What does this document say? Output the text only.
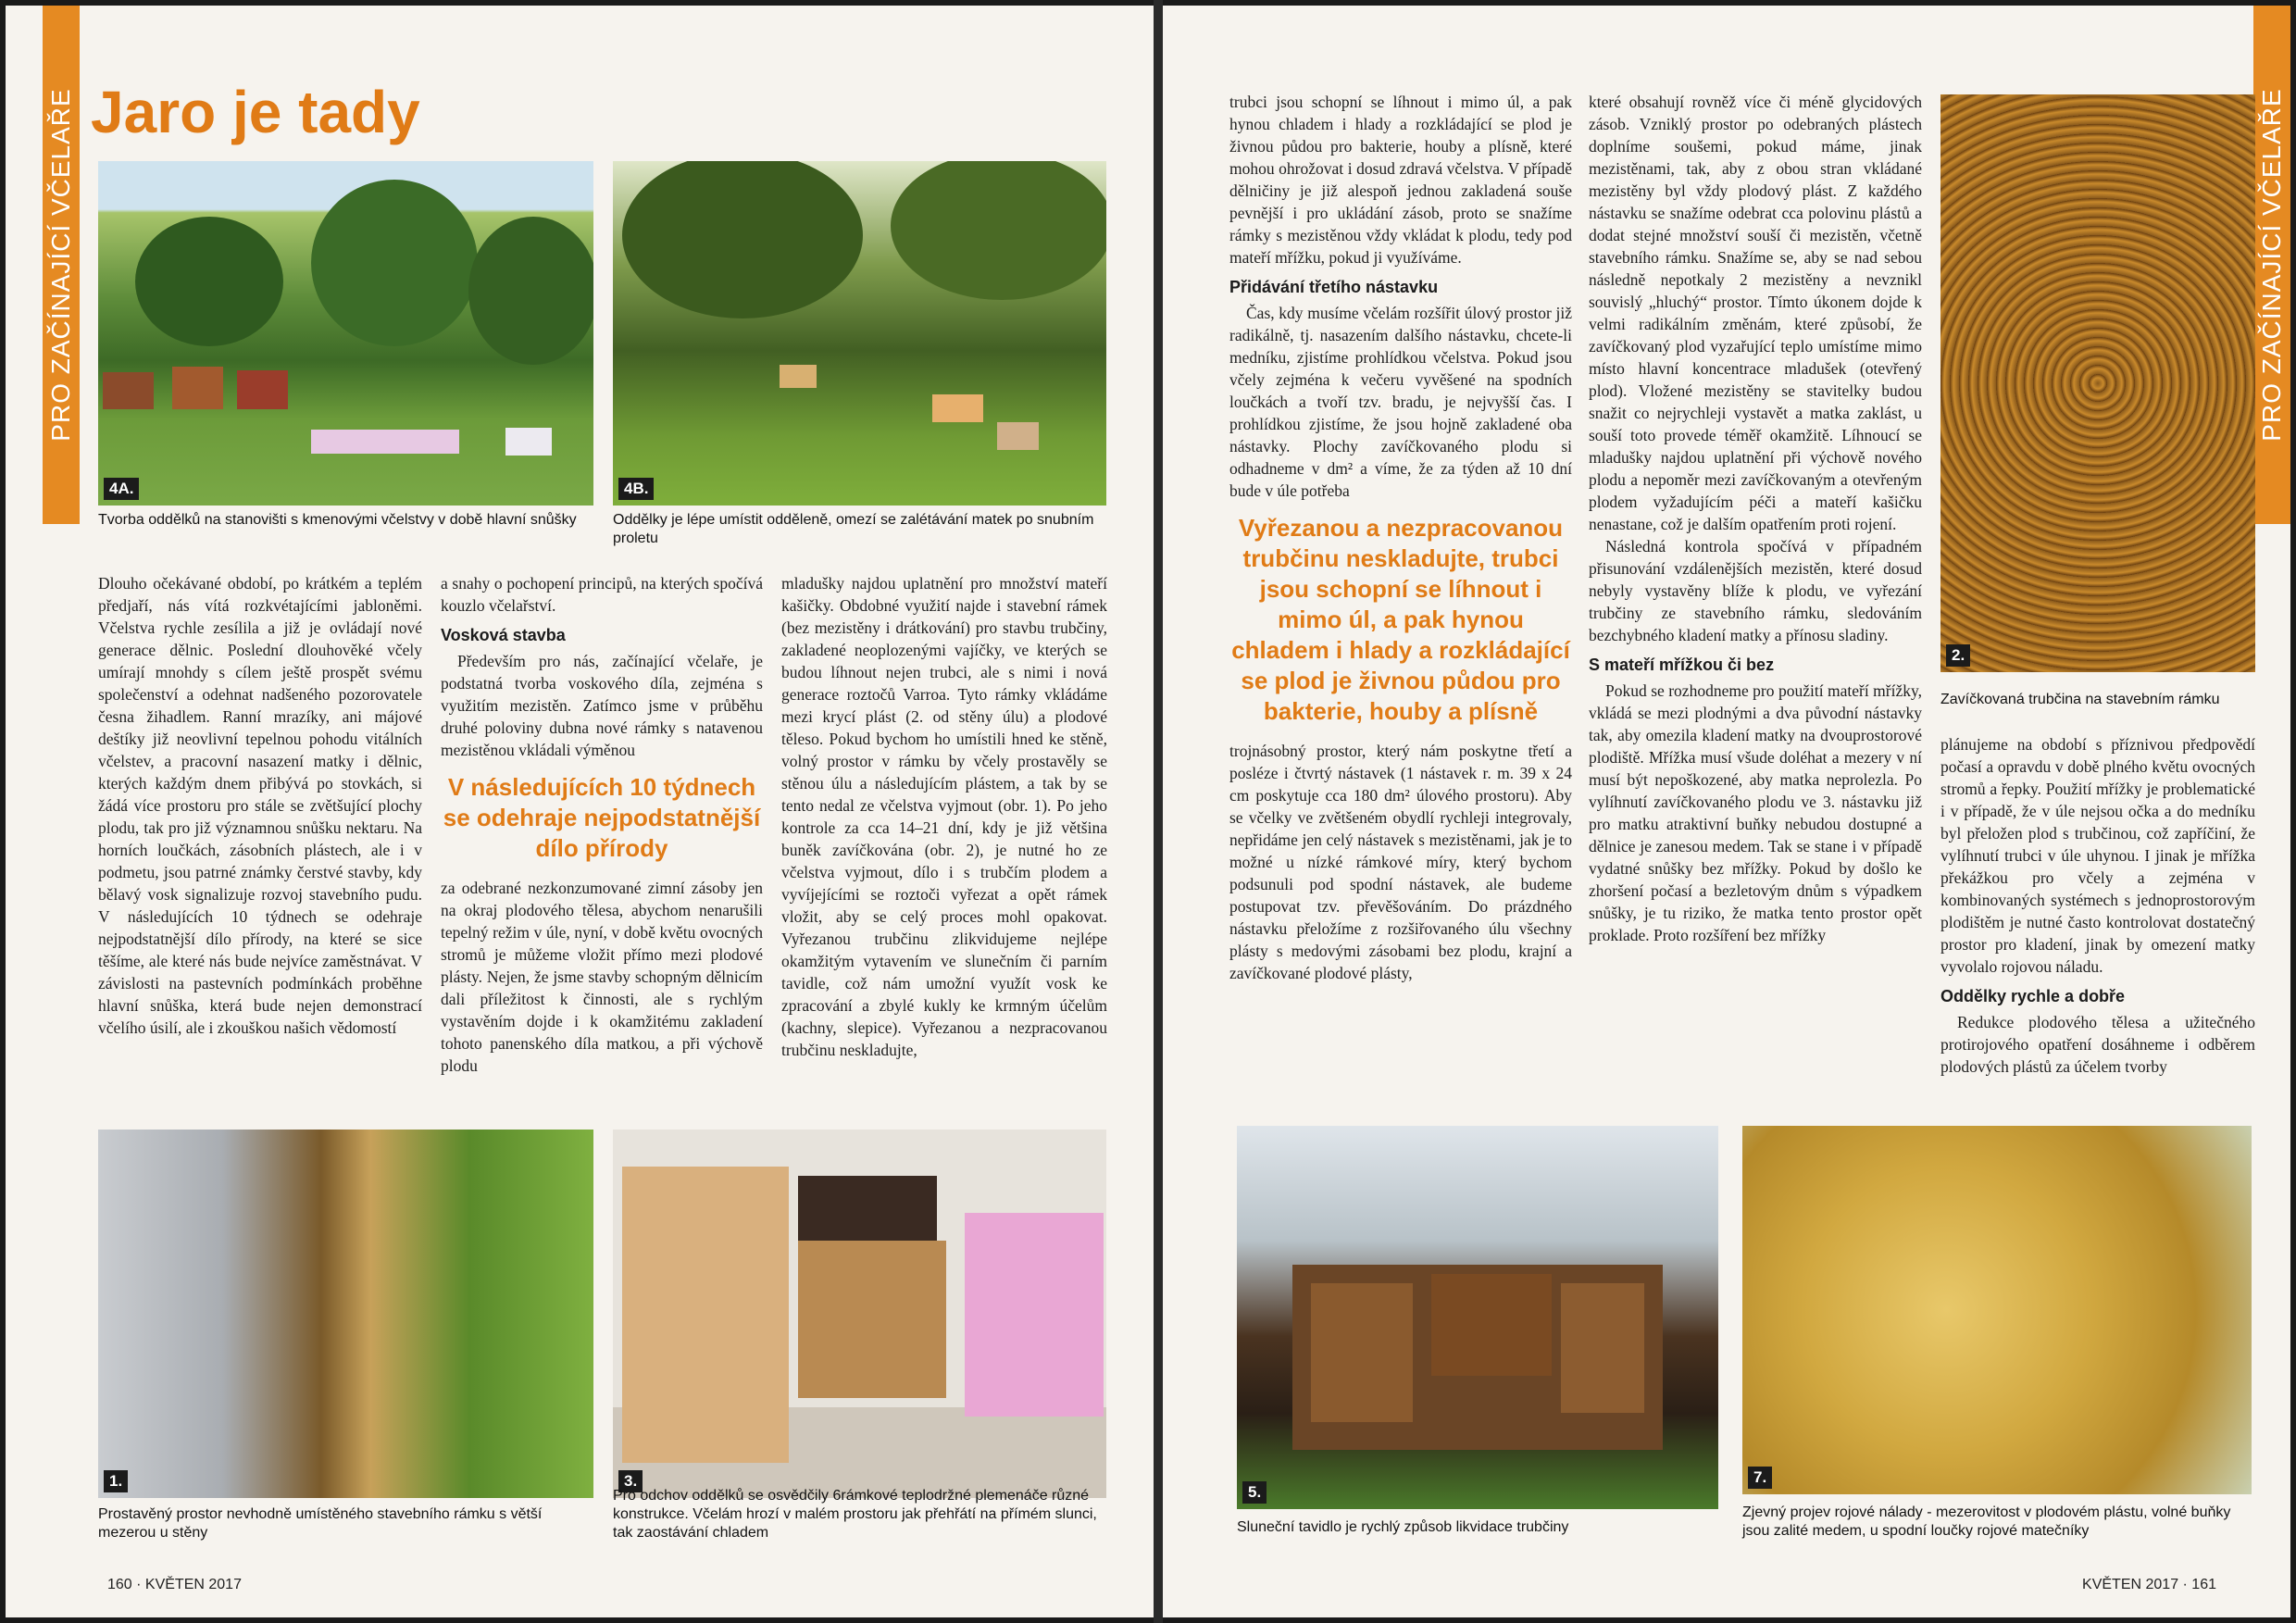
PRO ZAČÍNAJÍCÍ VČELAŘE Jaro je tady
4A.
Tvorba oddělků na stanovišti s kmenovými včelstvy v době hlavní snůšky
4B.
Oddělky je lépe umístit odděleně, omezí se zalétávání matek po snubním proletu

Dlouho očekávané období, po krátkém a teplém předjaří, nás vítá rozkvétajícími jabloněmi. Včelstva rychle zesílila a již je ovládají nové generace dělnic. Poslední dlouhověké včely umírají mnohdy s cílem ještě prospět svému společenství a odehnat nadšeného pozorovatele česna žihadlem. Ranní mrazíky, ani májové deštíky již neovlivní tepelnou pohodu vitálních včelstev, a pracovní nasazení matky i dělnic, kterých každým dnem přibývá po stovkách, si žádá více prostoru pro stále se zvětšující plochy plodu, tak pro již významnou snůšku nektaru. Na horních loučkách, zásobních plástech, ale i v podmetu, jsou patrné známky čerstvé stavby, kdy bělavý vosk signalizuje rozvoj stavebního pudu. V následujících 10 týdnech se odehraje nejpodstatnější dílo přírody, na které se sice těšíme, ale které nás bude nejvíce zaměstnávat. V závislosti na pastevních podmínkách proběhne hlavní snůška, která bude nejen demonstrací včelího úsilí, ale i zkouškou našich vědomostí

a snahy o pochopení principů, na kterých spočívá kouzlo včelařství.

Vosková stavba

Především pro nás, začínající včelaře, je podstatná tvorba voskového díla, zejména s využitím mezistěn. Zatímco jsme v průběhu druhé poloviny dubna nové rámky s natavenou mezistěnou vkládali výměnou

V následujících 10 týdnech se odehraje nejpodstatnější dílo přírody

za odebrané nezkonzumované zimní zásoby jen na okraj plodového tělesa, abychom nenarušili tepelný režim v úle, nyní, v době květu ovocných stromů je můžeme vložit přímo mezi plodové plásty. Nejen, že jsme stavby schopným dělnicím dali příležitost k činnosti, ale s rychlým vystavěním dojde i k okamžitému zakladení tohoto panenského díla matkou, a při výchově plodu

mladušky najdou uplatnění pro množství mateří kašičky. Obdobné využití najde i stavební rámek (bez mezistěny i drátkování) pro stavbu trubčiny, zakladené neoplozenými vajíčky, ve kterých se budou líhnout nejen trubci, ale s nimi i nová generace roztočů Varroa. Tyto rámky vkládáme mezi krycí plást (2. od stěny úlu) a plodové těleso. Pokud bychom ho umístili hned ke stěně, volný prostor v rámku by včely prostavěly se stěnou úlu a následujícím plástem, a tak by se tento nedal ze včelstva vyjmout (obr. 1). Po jeho kontrole za cca 14–21 dní, kdy je již většina buněk zavíčkována (obr. 2), je nutné ho ze včelstva vyjmout, dílo i s trubčím plodem a vyvíjejícími se roztoči vyřezat a opět rámek vložit, aby se celý proces mohl opakovat. Vyřezanou trubčinu zlikvidujeme nejlépe okamžitým vytavením ve slunečním či parním tavidle, což nám umožní využít vosk ke zpracování a zbylé kukly ke krmným účelům (kachny, slepice). Vyřezanou a nezpracovanou trubčinu neskladujte,

1.
Prostavěný prostor nevhodně umístěného stavebního rámku s větší mezerou u stěny
3.
Pro odchov oddělků se osvědčily 6rámkové teplodržné plemenáče různé konstrukce. Včelám hrozí v malém prostoru jak přehřátí na přímém slunci, tak zaostávání chladem
160 · KVĚTEN 2017
PRO ZAČÍNAJÍCÍ VČELAŘE

trubci jsou schopní se líhnout i mimo úl, a pak hynou chladem i hlady a rozkládající se plod je živnou půdou pro bakterie, houby a plísně, které mohou ohrožovat i dosud zdravá včelstva. V případě dělničiny je již alespoň jednou zakladená souše pevnější i pro ukládání zásob, proto se snažíme rámky s mezistěnou vždy vkládat k plodu, tedy pod mateří mřížku, pokud ji využíváme.

Přidávání třetího nástavku

Čas, kdy musíme včelám rozšířit úlový prostor již radikálně, tj. nasazením dalšího nástavku, chcete-li medníku, zjistíme prohlídkou včelstva. Pokud jsou včely zejména k večeru vyvěšené na spodních loučkách a tvoří tzv. bradu, je nejvyšší čas. I prohlídkou zjistíme, že jsou hojně zakladené oba nástavky. Plochy zavíčkovaného plodu si odhadneme v dm² a víme, že za týden až 10 dní bude v úle potřeba

Vyřezanou a nezpracovanou trubčinu neskladujte, trubci jsou schopní se líhnout i mimo úl, a pak hynou chladem i hlady a rozkládající se plod je živnou půdou pro bakterie, houby a plísně

trojnásobný prostor, který nám poskytne třetí a posléze i čtvrtý nástavek (1 nástavek r. m. 39 x 24 cm poskytuje cca 180 dm² úlového prostoru). Aby se včelky ve zvětšeném obydlí rychleji integrovaly, nepřidáme jen celý nástavek s mezistěnami, jak je to možné u nízké rámkové míry, který bychom podsunuli pod spodní nástavek, ale budeme postupovat tzv. převěšováním. Do prázdného nástavku přeložíme z rozšiřovaného úlu všechny plásty s medovými zásobami bez plodu, krajní a zavíčkované plodové plásty,

které obsahují rovněž více či méně glycidových zásob. Vzniklý prostor po odebraných plástech doplníme soušemi, pokud máme, jinak mezistěnami, tak, aby z obou stran vkládané mezistěny byl vždy plodový plást. Z každého nástavku se snažíme odebrat cca polovinu plástů a dodat stejné množství souší či mezistěn, včetně stavebního rámku. Snažíme se, aby se nad sebou následně nepotkaly 2 mezistěny a nevznikl souvislý „hluchý“ prostor. Tímto úkonem dojde k velmi radikálním změnám, které způsobí, že zavíčkovaný plod vyzařující teplo umístíme mimo místo hlavní koncentrace mladušek (otevřený plod). Vložené mezistěny se stavitelky budou snažit co nejrychleji vystavět a matka zaklást, u souší toto provede téměř okamžitě. Líhnoucí se mladušky najdou uplatnění při výchově nového plodu a nepoměr mezi zavíčkovaným a otevřeným plodem vyžadujícím péči a mateří kašičku nenastane, což je dalším opatřením proti rojení.

Následná kontrola spočívá v případném přisunování vzdálenějších mezistěn, které dosud nebyly vystavěny blíže k plodu, ve vyřezání trubčiny ze stavebního rámku, sledováním bezchybného kladení matky a přínosu sladiny.

S mateří mřížkou či bez

Pokud se rozhodneme pro použití mateří mřížky, vkládá se mezi plodnými a dva původní nástavky tak, aby omezila kladení matky na dvouprostorové plodiště. Mřížka musí všude doléhat a mezery v ní musí být nepoškozené, aby matka neprolezla. Po vylíhnutí zavíčkovaného plodu ve 3. nástavku již pro matku atraktivní buňky nebudou dostupné a dělnice je zanesou medem. Tak se stane i v případě vydatné snůšky bez mřížky. Pokud by došlo ke zhoršení počasí a bezletovým dnům s výpadkem snůšky, je tu riziko, že matka tento prostor opět proklade. Proto rozšíření bez mřížky

2.
Zavíčkovaná trubčina na stavebním rámku

plánujeme na období s příznivou předpovědí počasí a opravdu v době plného květu ovocných stromů a řepky. Použití mřížky je problematické i v případě, že v úle nejsou očka a do medníku byl přeložen plod s trubčinou, což zapříčiní, že vylíhnutí trubci v úle uhynou. I jinak je mřížka překážkou pro včely a zejména v kombinovaných systémech s jednoprostorovým plodištěm je nutné často kontrolovat dostatečný prostor pro kladení, jinak by omezení matky vyvolalo rojovou náladu.

Oddělky rychle a dobře

Redukce plodového tělesa a užitečného protirojového opatření dosáhneme i odběrem plodových plástů za účelem tvorby

5.
Sluneční tavidlo je rychlý způsob likvidace trubčiny
7.
Zjevný projev rojové nálady - mezerovitost v plodovém plástu, volné buňky jsou zalité medem, u spodní loučky rojové matečníky
KVĚTEN 2017 · 161
